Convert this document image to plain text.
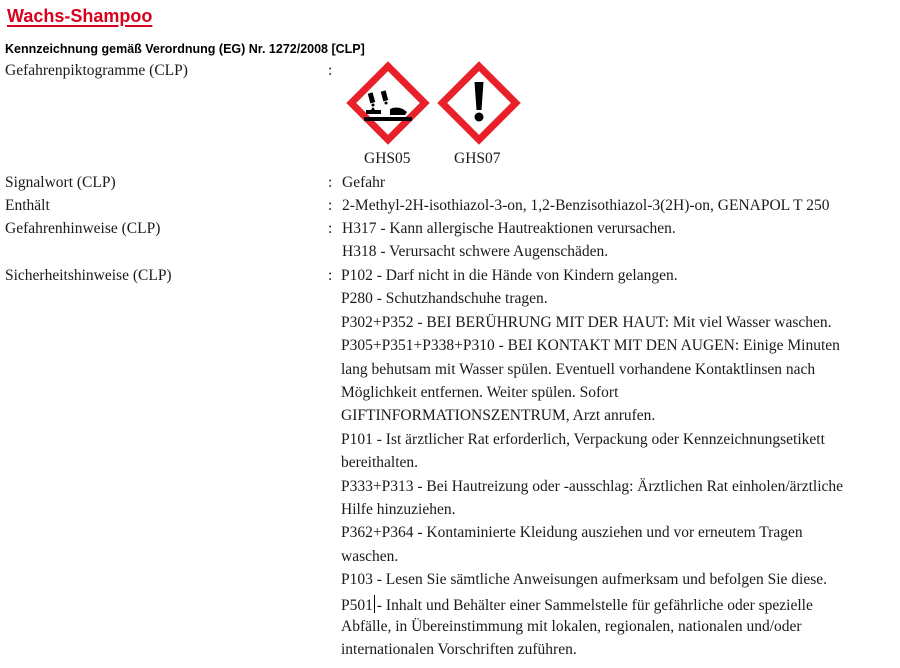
Wachs-Shampoo
Kennzeichnung gemäß Verordnung (EG) Nr. 1272/2008 [CLP]
Gefahrenpiktogramme (CLP)	:
GHS05	GHS07
Signalwort (CLP)	: Gefahr
Enthält	: 2-Methyl-2H-isothiazol-3-on, 1,2-Benzisothiazol-3(2H)-on, GENAPOL T 250
Gefahrenhinweise (CLP)	: H317 - Kann allergische Hautreaktionen verursachen.
H318 - Verursacht schwere Augenschäden.
Sicherheitshinweise (CLP)	: P102 - Darf nicht in die Hände von Kindern gelangen.
P280 - Schutzhandschuhe tragen.
P302+P352 - BEI BERÜHRUNG MIT DER HAUT: Mit viel Wasser waschen.
P305+P351+P338+P310 - BEI KONTAKT MIT DEN AUGEN: Einige Minuten
lang behutsam mit Wasser spülen. Eventuell vorhandene Kontaktlinsen nach
Möglichkeit entfernen. Weiter spülen. Sofort
GIFTINFORMATIONSZENTRUM, Arzt anrufen.
P101 - Ist ärztlicher Rat erforderlich, Verpackung oder Kennzeichnungsetikett
bereithalten.
P333+P313 - Bei Hautreizung oder -ausschlag: Ärztlichen Rat einholen/ärztliche
Hilfe hinzuziehen.
P362+P364 - Kontaminierte Kleidung ausziehen und vor erneutem Tragen
waschen.
P103 - Lesen Sie sämtliche Anweisungen aufmerksam und befolgen Sie diese.
P501 - Inhalt und Behälter einer Sammelstelle für gefährliche oder spezielle
Abfälle, in Übereinstimmung mit lokalen, regionalen, nationalen und/oder
internationalen Vorschriften zuführen.
